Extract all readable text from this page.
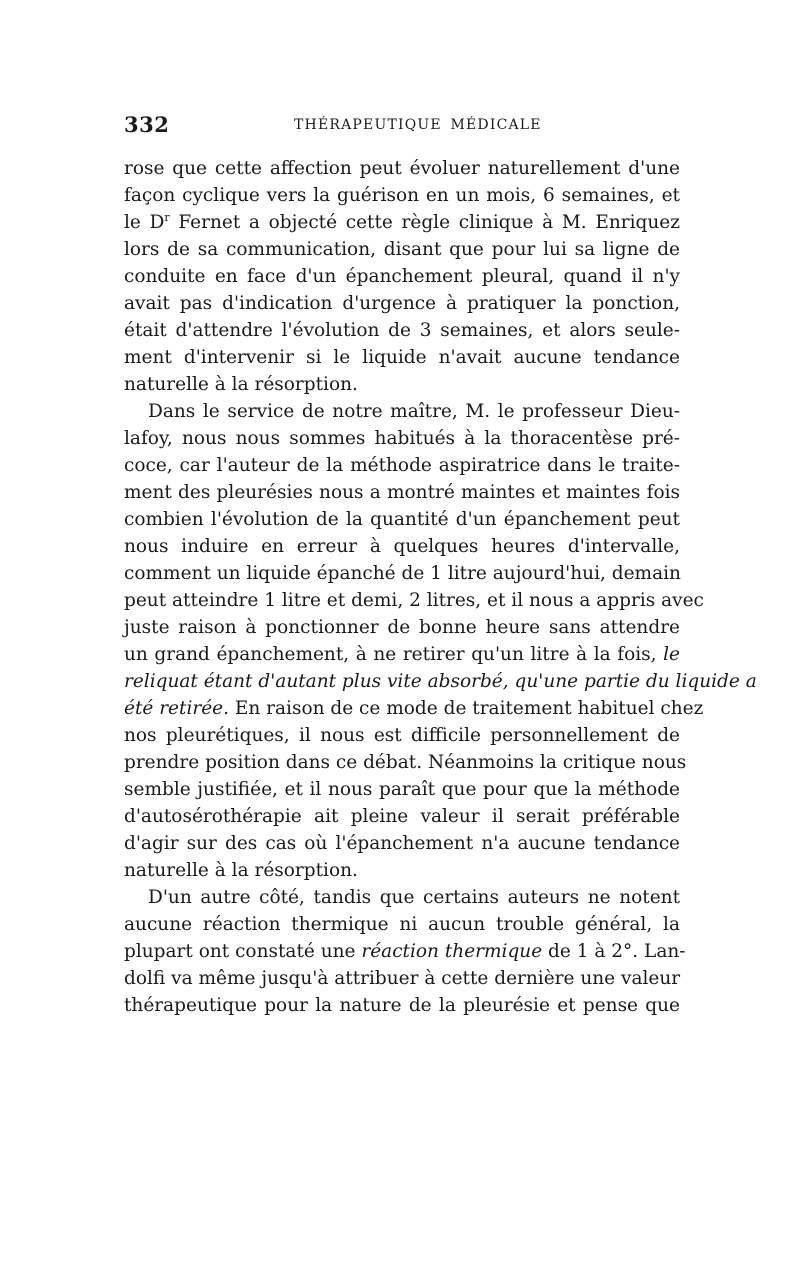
332	THÉRAPEUTIQUE MÉDICALE
rose que cette affection peut évoluer naturellement d'une
façon cyclique vers la guérison en un mois, 6 semaines, et
le $D^r$ Fernet a objecté cette règle clinique à M. Enriquez
lors de sa communication, disant que pour lui sa ligne de
conduite en face d'un épanchement pleural, quand il n'y
avait pas d'indication d'urgence à pratiquer la ponction,
était d'attendre l'évolution de 3 semaines, et alors seule-
ment d'intervenir si le liquide n'avait aucune tendance
naturelle à la résorption.
Dans le service de notre maître, M. le professeur Dieu-
lafoy, nous nous sommes habitués à la thoracentèse pré-
coce, car l'auteur de la méthode aspiratrice dans le traite-
ment des pleurésies nous a montré maintes et maintes fois
combien l'évolution de la quantité d'un épanchement peut
nous induire en erreur à quelques heures d'intervalle,
comment un liquide épanché de 1 litre aujourd'hui, demain
peut atteindre 1 litre et demi, 2 litres, et il nous a appris avec
juste raison à ponctionner de bonne heure sans attendre
un grand épanchement, à ne retirer qu'un litre à la fois, le
reliquat étant d'autant plus vite absorbé, qu'une partie du liquide a
été retirée. En raison de ce mode de traitement habituel chez
nos pleurétiques, il nous est difficile personnellement de
prendre position dans ce débat. Néanmoins la critique nous
semble justifiée, et il nous paraît que pour que la méthode
d'autosérothérapie ait pleine valeur il serait préférable
d'agir sur des cas où l'épanchement n'a aucune tendance
naturelle à la résorption.
D'un autre côté, tandis que certains auteurs ne notent
aucune réaction thermique ni aucun trouble général, la
plupart ont constaté une réaction thermique de 1 à 2°. Lan-
dolfi va même jusqu'à attribuer à cette dernière une valeur
thérapeutique pour la nature de la pleurésie et pense que
